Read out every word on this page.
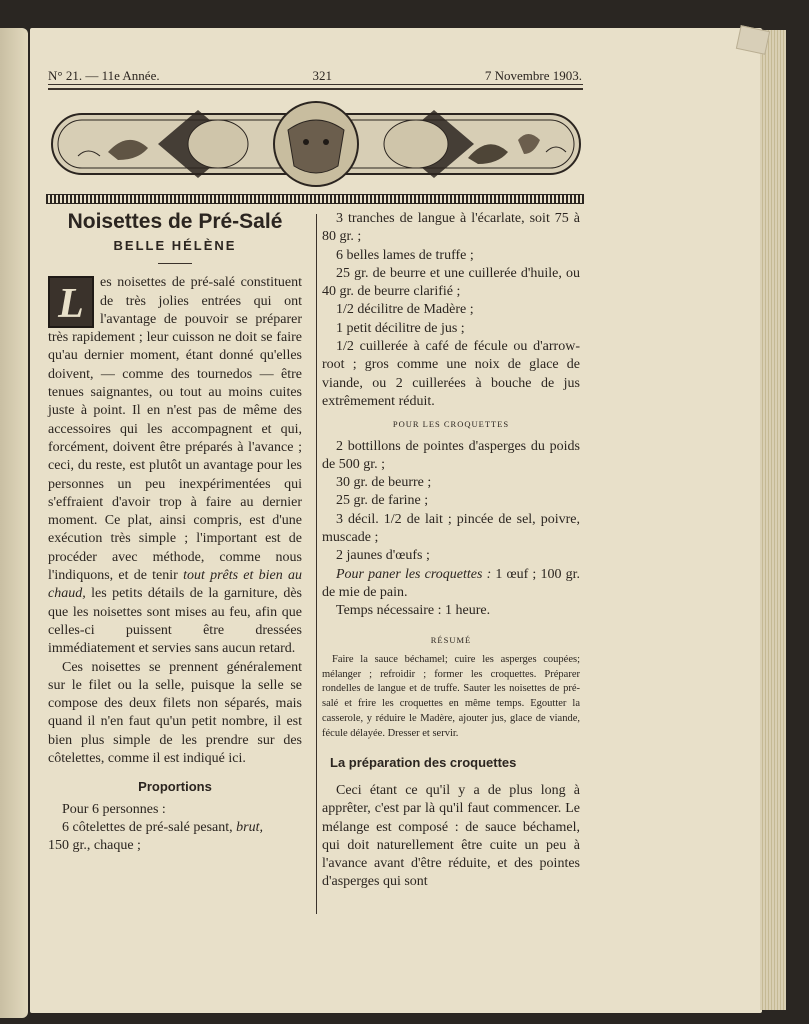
N° 21. — 11e Année.	321	7 Novembre 1903.
Noisettes de Pré-Salé
BELLE HÉLÈNE

L	es noisettes de pré-salé constituent de très jolies entrées qui ont l'avantage de pouvoir se préparer très rapidement ; leur cuisson ne doit se faire qu'au dernier moment, étant donné qu'elles doivent, — comme des tournedos — être tenues saignantes, ou tout au moins cuites juste à point. Il en n'est pas de même des accessoires qui les accompagnent et qui, forcément, doivent être préparés à l'avance ; ceci, du reste, est plutôt un avantage pour les personnes un peu inexpérimentées qui s'effraient d'avoir trop à faire au dernier moment. Ce plat, ainsi compris, est d'une exécution très simple ; l'important est de procéder avec méthode, comme nous l'indiquons, et de tenir tout prêts et bien au chaud, les petits détails de la garniture, dès que les noisettes sont mises au feu, afin que celles-ci puissent être dressées immédiatement et servies sans aucun retard.

Ces noisettes se prennent généralement sur le filet ou la selle, puisque la selle se compose des deux filets non séparés, mais quand il n'en faut qu'un petit nombre, il est bien plus simple de les prendre sur des côtelettes, comme il est indiqué ici.

Proportions

Pour 6 personnes :

6 côtelettes de pré-salé pesant, brut,
150 gr., chaque ;

3 tranches de langue à l'écarlate, soit 75 à 80 gr. ;

6 belles lames de truffe ;

25 gr. de beurre et une cuillerée d'huile, ou 40 gr. de beurre clarifié ;

1/2 décilitre de Madère ;

1 petit décilitre de jus ;

1/2 cuillerée à café de fécule ou d'arrow-root ; gros comme une noix de glace de viande, ou 2 cuillerées à bouche de jus extrêmement réduit.

POUR LES CROQUETTES

2 bottillons de pointes d'asperges du poids de 500 gr. ;

30 gr. de beurre ;

25 gr. de farine ;

3 décil. 1/2 de lait ; pincée de sel, poivre, muscade ;

2 jaunes d'œufs ;

Pour paner les croquettes : 1 œuf ; 100 gr. de mie de pain.

Temps nécessaire : 1 heure.

RÉSUMÉ

Faire la sauce béchamel; cuire les asperges coupées; mélanger ; refroidir ; former les croquettes. Préparer rondelles de langue et de truffe. Sauter les noisettes de pré-salé et frire les croquettes en même temps. Egoutter la casserole, y réduire le Madère, ajouter jus, glace de viande, fécule délayée. Dresser et servir.

La préparation des croquettes

Ceci étant ce qu'il y a de plus long à apprêter, c'est par là qu'il faut commencer. Le mélange est composé : de sauce béchamel, qui doit naturellement être cuite un peu à l'avance avant d'être réduite, et des pointes d'asperges qui sont
